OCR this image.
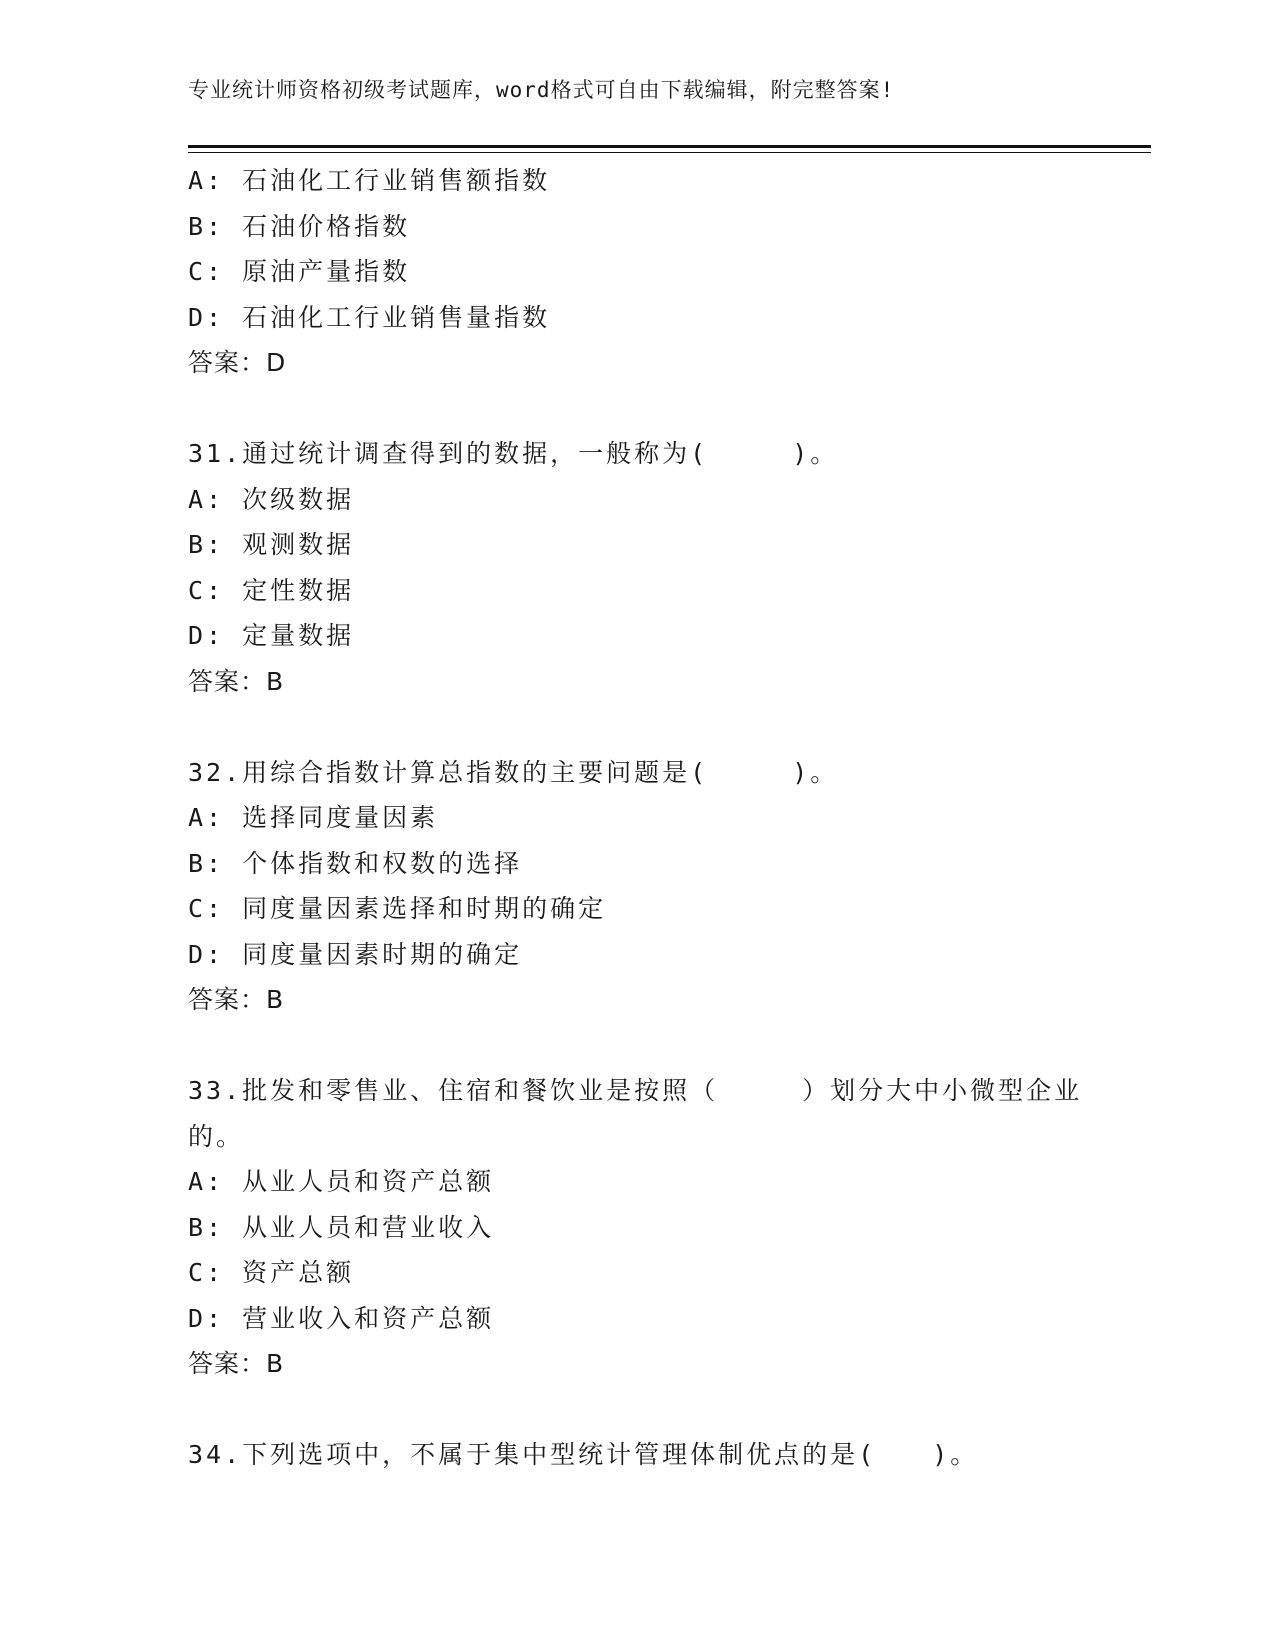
专业统计师资格初级考试题库，word格式可自由下载编辑，附完整答案!
A: 石油化工行业销售额指数
B: 石油价格指数
C: 原油产量指数
D: 石油化工行业销售量指数
答案：D
31.通过统计调查得到的数据，一般称为(　　　)。
A: 次级数据
B: 观测数据
C: 定性数据
D: 定量数据
答案：B
32.用综合指数计算总指数的主要问题是(　　　)。
A: 选择同度量因素
B: 个体指数和权数的选择
C: 同度量因素选择和时期的确定
D: 同度量因素时期的确定
答案：B
33.批发和零售业、住宿和餐饮业是按照（　　　）划分大中小微型企业的。
A: 从业人员和资产总额
B: 从业人员和营业收入
C: 资产总额
D: 营业收入和资产总额
答案：B
34.下列选项中，不属于集中型统计管理体制优点的是(　　)。
